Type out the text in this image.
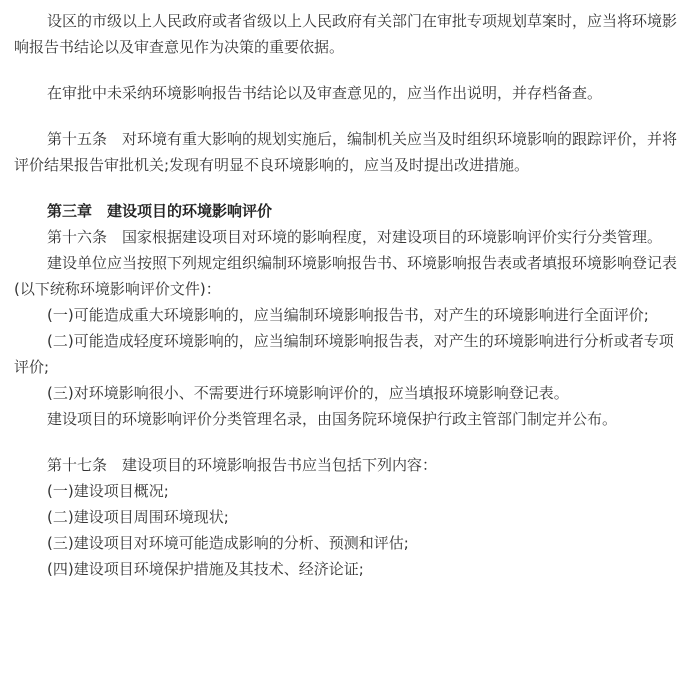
设区的市级以上人民政府或者省级以上人民政府有关部门在审批专项规划草案时，应当将环境影响报告书结论以及审查意见作为决策的重要依据。

在审批中未采纳环境影响报告书结论以及审查意见的，应当作出说明，并存档备查。

第十五条　对环境有重大影响的规划实施后，编制机关应当及时组织环境影响的跟踪评价，并将评价结果报告审批机关;发现有明显不良环境影响的，应当及时提出改进措施。

第三章　建设项目的环境影响评价

第十六条　国家根据建设项目对环境的影响程度，对建设项目的环境影响评价实行分类管理。

建设单位应当按照下列规定组织编制环境影响报告书、环境影响报告表或者填报环境影响登记表(以下统称环境影响评价文件)：

(一)可能造成重大环境影响的，应当编制环境影响报告书，对产生的环境影响进行全面评价;

(二)可能造成轻度环境影响的，应当编制环境影响报告表，对产生的环境影响进行分析或者专项评价;

(三)对环境影响很小、不需要进行环境影响评价的，应当填报环境影响登记表。

建设项目的环境影响评价分类管理名录，由国务院环境保护行政主管部门制定并公布。

第十七条　建设项目的环境影响报告书应当包括下列内容：

(一)建设项目概况;

(二)建设项目周围环境现状;

(三)建设项目对环境可能造成影响的分析、预测和评估;

(四)建设项目环境保护措施及其技术、经济论证;
